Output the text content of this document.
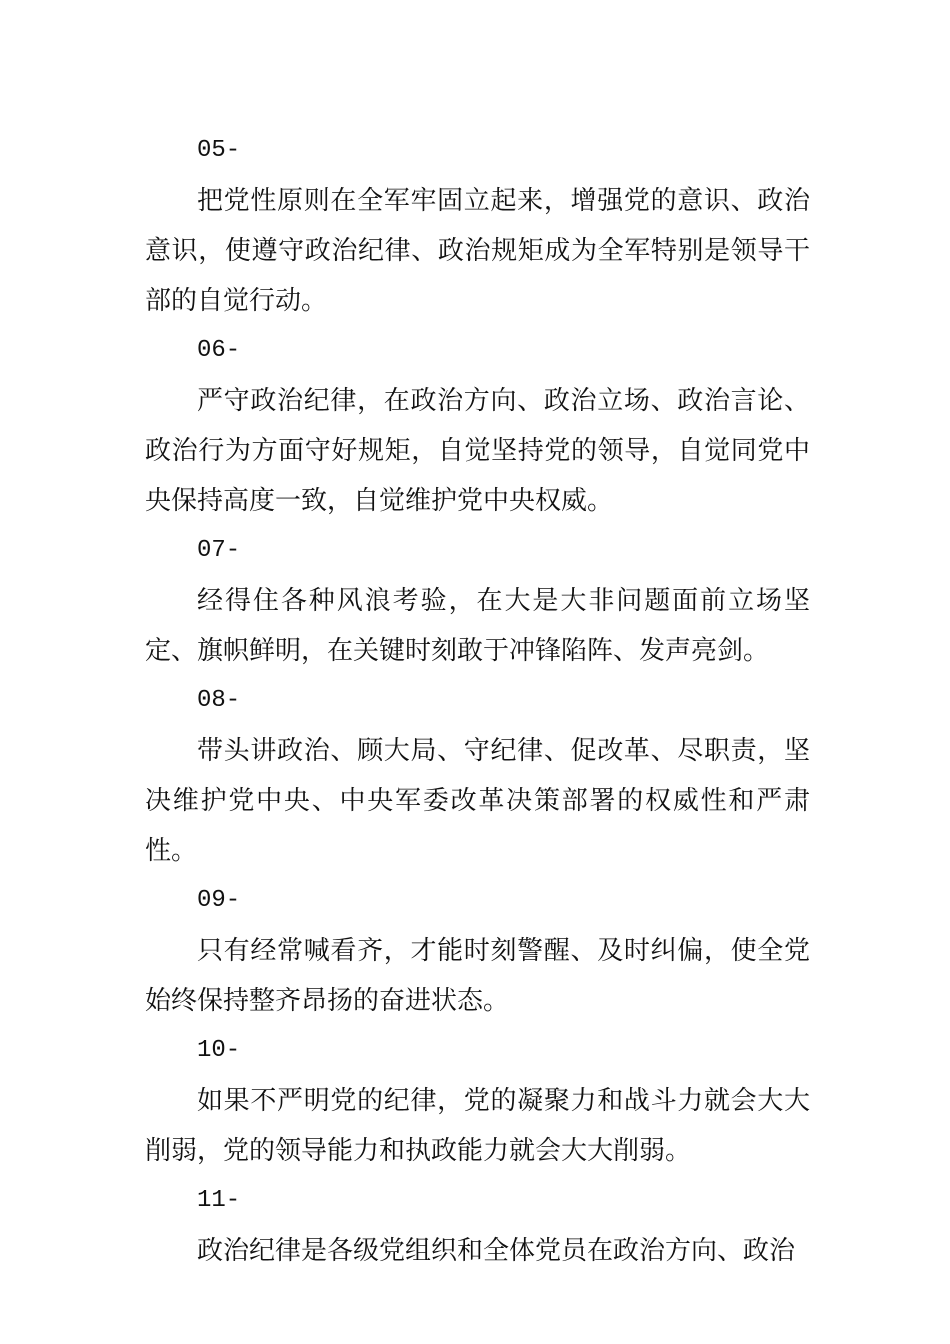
05-

把党性原则在全军牢固立起来，增强党的意识、政治意识，使遵守政治纪律、政治规矩成为全军特别是领导干部的自觉行动。

06-

严守政治纪律，在政治方向、政治立场、政治言论、政治行为方面守好规矩，自觉坚持党的领导，自觉同党中央保持高度一致，自觉维护党中央权威。

07-

经得住各种风浪考验，在大是大非问题面前立场坚定、旗帜鲜明，在关键时刻敢于冲锋陷阵、发声亮剑。

08-

带头讲政治、顾大局、守纪律、促改革、尽职责，坚决维护党中央、中央军委改革决策部署的权威性和严肃性。

09-

只有经常喊看齐，才能时刻警醒、及时纠偏，使全党始终保持整齐昂扬的奋进状态。

10-

如果不严明党的纪律，党的凝聚力和战斗力就会大大削弱，党的领导能力和执政能力就会大大削弱。

11-

政治纪律是各级党组织和全体党员在政治方向、政治
